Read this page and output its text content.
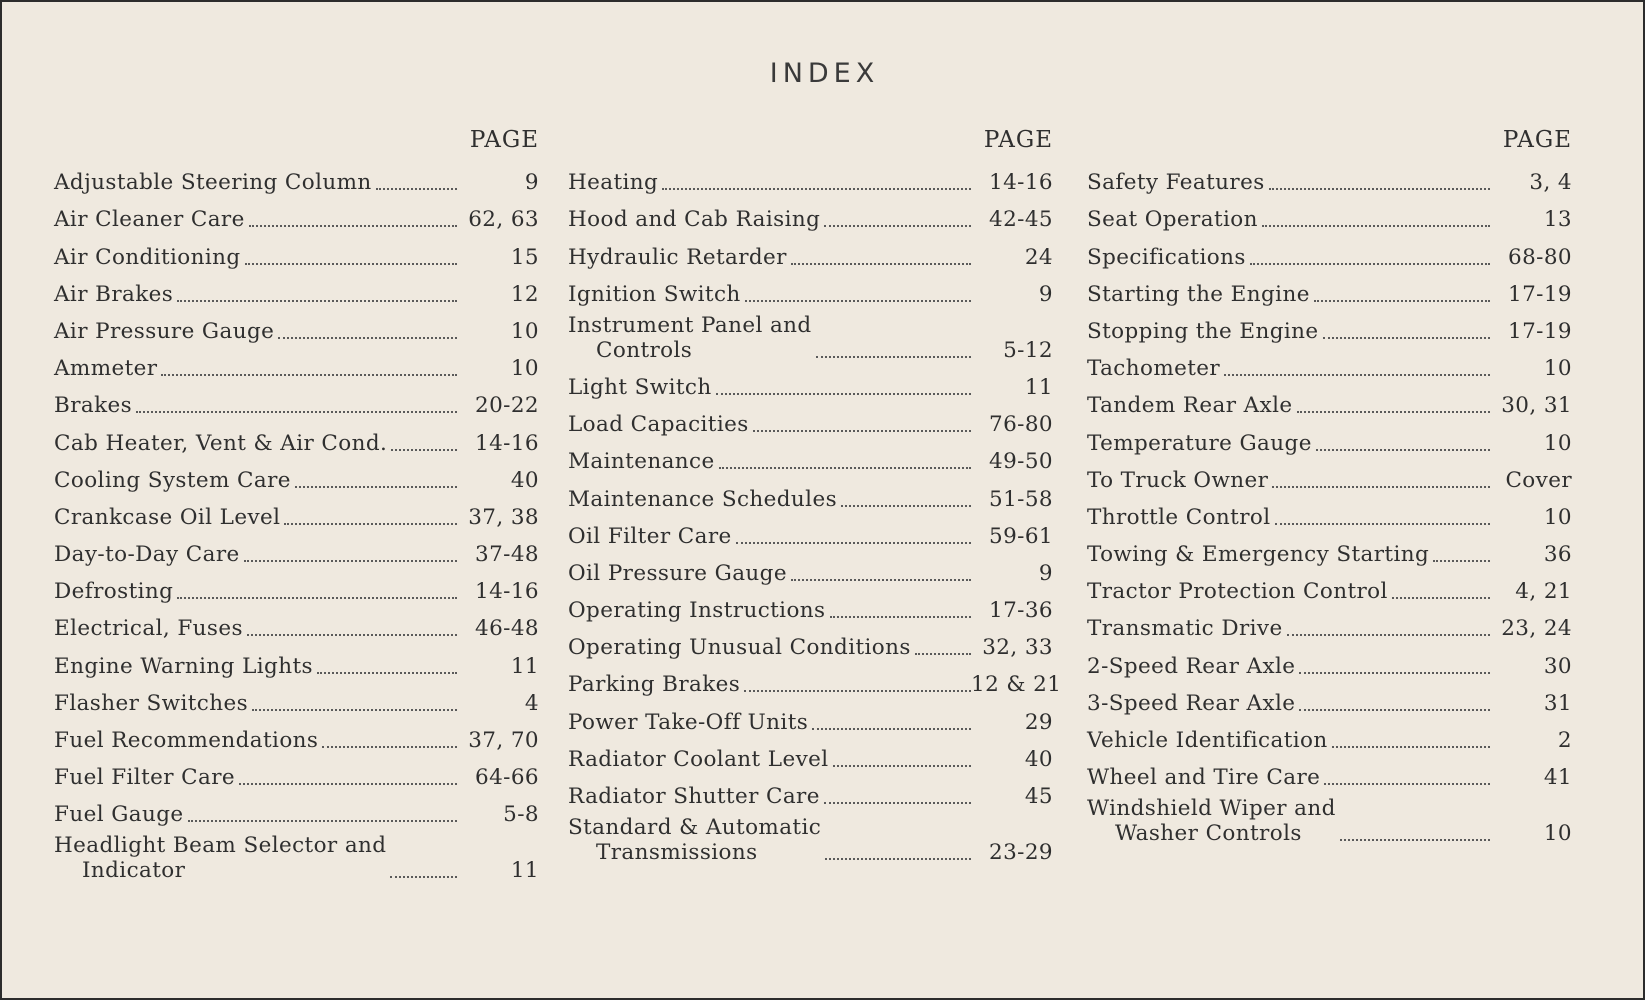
INDEX
PAGE
Adjustable Steering Column	9
Air Cleaner Care	62, 63
Air Conditioning	15
Air Brakes	12
Air Pressure Gauge	10
Ammeter	10
Brakes	20-22
Cab Heater, Vent & Air Cond.	14-16
Cooling System Care	40
Crankcase Oil Level	37, 38
Day-to-Day Care	37-48
Defrosting	14-16
Electrical, Fuses	46-48
Engine Warning Lights	11
Flasher Switches	4
Fuel Recommendations	37, 70
Fuel Filter Care	64-66
Fuel Gauge	5-8
Headlight Beam Selector and
Indicator	11
PAGE
Heating	14-16
Hood and Cab Raising	42-45
Hydraulic Retarder	24
Ignition Switch	9
Instrument Panel and
Controls	5-12
Light Switch	11
Load Capacities	76-80
Maintenance	49-50
Maintenance Schedules	51-58
Oil Filter Care	59-61
Oil Pressure Gauge	9
Operating Instructions	17-36
Operating Unusual Conditions	32, 33
Parking Brakes	12 & 21
Power Take-Off Units	29
Radiator Coolant Level	40
Radiator Shutter Care	45
Standard & Automatic
Transmissions	23-29
PAGE
Safety Features	3, 4
Seat Operation	13
Specifications	68-80
Starting the Engine	17-19
Stopping the Engine	17-19
Tachometer	10
Tandem Rear Axle	30, 31
Temperature Gauge	10
To Truck Owner	Cover
Throttle Control	10
Towing & Emergency Starting	36
Tractor Protection Control	4, 21
Transmatic Drive	23, 24
2-Speed Rear Axle	30
3-Speed Rear Axle	31
Vehicle Identification	2
Wheel and Tire Care	41
Windshield Wiper and
Washer Controls	10
